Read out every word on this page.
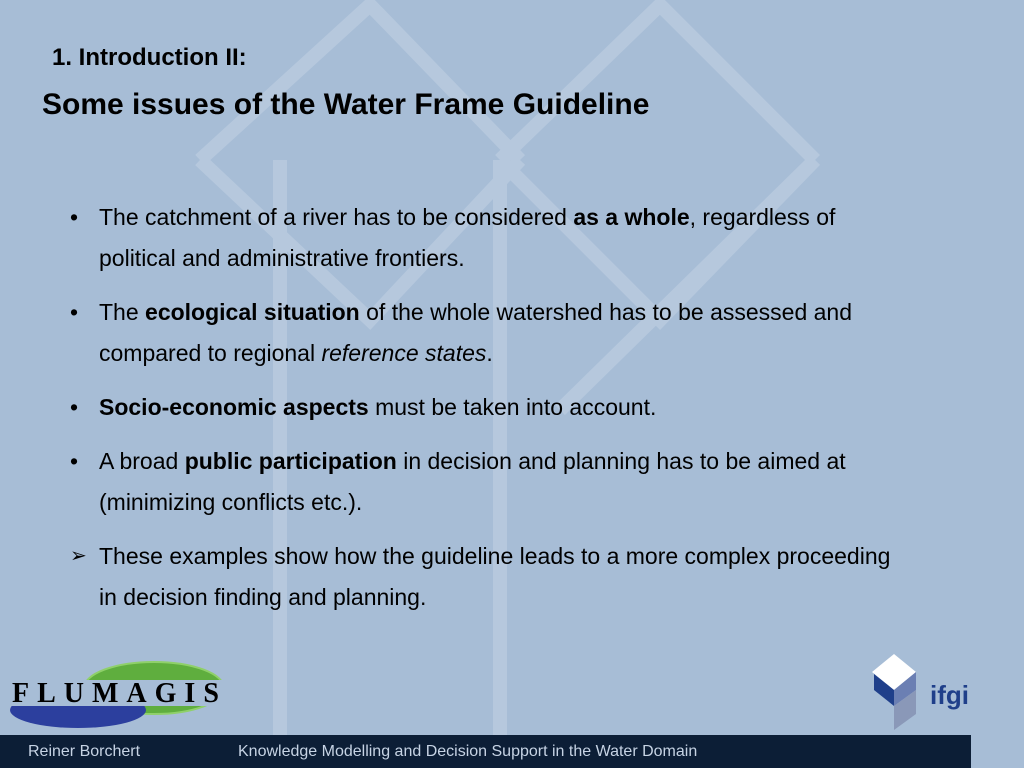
1. Introduction II:

Some issues of the Water Frame Guideline
• The catchment of a river has to be considered as a whole, regardless of political and administrative frontiers.
• The ecological situation of the whole watershed has to be assessed and compared to regional reference states.
• Socio-economic aspects must be taken into account.
• A broad public participation in decision and planning has to be aimed at (minimizing conflicts etc.).
➢ These examples show how the guideline leads to a more complex proceeding in decision finding and planning.
FLUMAGIS	ifgi
Reiner Borchert	Knowledge Modelling and Decision Support in the Water Domain
